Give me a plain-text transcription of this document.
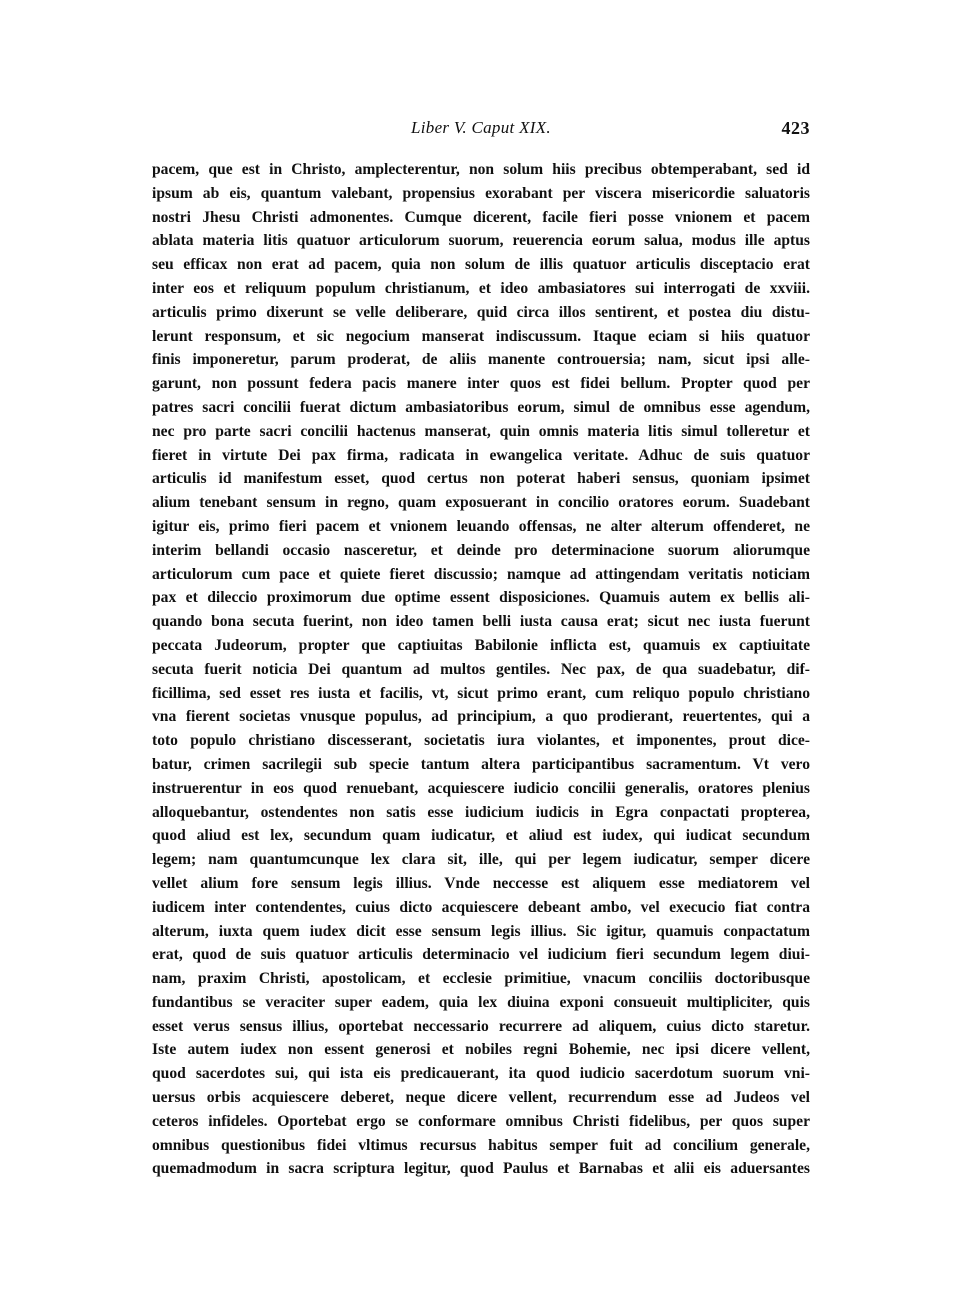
Liber V. Caput XIX.	423
pacem, que est in Christo, amplecterentur, non solum hiis precibus obtemperabant, sed id
ipsum ab eis, quantum valebant, propensius exorabant per viscera misericordie saluatoris
nostri Jhesu Christi admonentes. Cumque dicerent, facile fieri posse vnionem et pacem
ablata materia litis quatuor articulorum suorum, reuerencia eorum salua, modus ille aptus
seu efficax non erat ad pacem, quia non solum de illis quatuor articulis disceptacio erat
inter eos et reliquum populum christianum, et ideo ambasiatores sui interrogati de xxviii.
articulis primo dixerunt se velle deliberare, quid circa illos sentirent, et postea diu distu-
lerunt responsum, et sic negocium manserat indiscussum. Itaque eciam si hiis quatuor
finis imponeretur, parum proderat, de aliis manente controuersia; nam, sicut ipsi alle-
garunt, non possunt federa pacis manere inter quos est fidei bellum. Propter quod per
patres sacri concilii fuerat dictum ambasiatoribus eorum, simul de omnibus esse agendum,
nec pro parte sacri concilii hactenus manserat, quin omnis materia litis simul tolleretur et
fieret in virtute Dei pax firma, radicata in ewangelica veritate. Adhuc de suis quatuor
articulis id manifestum esset, quod certus non poterat haberi sensus, quoniam ipsimet
alium tenebant sensum in regno, quam exposuerant in concilio oratores eorum. Suadebant
igitur eis, primo fieri pacem et vnionem leuando offensas, ne alter alterum offenderet, ne
interim bellandi occasio nasceretur, et deinde pro determinacione suorum aliorumque
articulorum cum pace et quiete fieret discussio; namque ad attingendam veritatis noticiam
pax et dileccio proximorum due optime essent disposiciones. Quamuis autem ex bellis ali-
quando bona secuta fuerint, non ideo tamen belli iusta causa erat; sicut nec iusta fuerunt
peccata Judeorum, propter que captiuitas Babilonie inflicta est, quamuis ex captiuitate
secuta fuerit noticia Dei quantum ad multos gentiles. Nec pax, de qua suadebatur, dif-
ficillima, sed esset res iusta et facilis, vt, sicut primo erant, cum reliquo populo christiano
vna fierent societas vnusque populus, ad principium, a quo prodierant, reuertentes, qui a
toto populo christiano discesserant, societatis iura violantes, et imponentes, prout dice-
batur, crimen sacrilegii sub specie tantum altera participantibus sacramentum. Vt vero
instruerentur in eos quod renuebant, acquiescere iudicio concilii generalis, oratores plenius
alloquebantur, ostendentes non satis esse iudicium iudicis in Egra conpactati propterea,
quod aliud est lex, secundum quam iudicatur, et aliud est iudex, qui iudicat secundum
legem; nam quantumcunque lex clara sit, ille, qui per legem iudicatur, semper dicere
vellet alium fore sensum legis illius. Vnde neccesse est aliquem esse mediatorem vel
iudicem inter contendentes, cuius dicto acquiescere debeant ambo, vel execucio fiat contra
alterum, iuxta quem iudex dicit esse sensum legis illius. Sic igitur, quamuis conpactatum
erat, quod de suis quatuor articulis determinacio vel iudicium fieri secundum legem diui-
nam, praxim Christi, apostolicam, et ecclesie primitiue, vnacum conciliis doctoribusque
fundantibus se veraciter super eadem, quia lex diuina exponi consueuit multipliciter, quis
esset verus sensus illius, oportebat neccessario recurrere ad aliquem, cuius dicto staretur.
Iste autem iudex non essent generosi et nobiles regni Bohemie, nec ipsi dicere vellent,
quod sacerdotes sui, qui ista eis predicauerant, ita quod iudicio sacerdotum suorum vni-
uersus orbis acquiescere deberet, neque dicere vellent, recurrendum esse ad Judeos vel
ceteros infideles. Oportebat ergo se conformare omnibus Christi fidelibus, per quos super
omnibus questionibus fidei vltimus recursus habitus semper fuit ad concilium generale,
quemadmodum in sacra scriptura legitur, quod Paulus et Barnabas et alii eis aduersantes
